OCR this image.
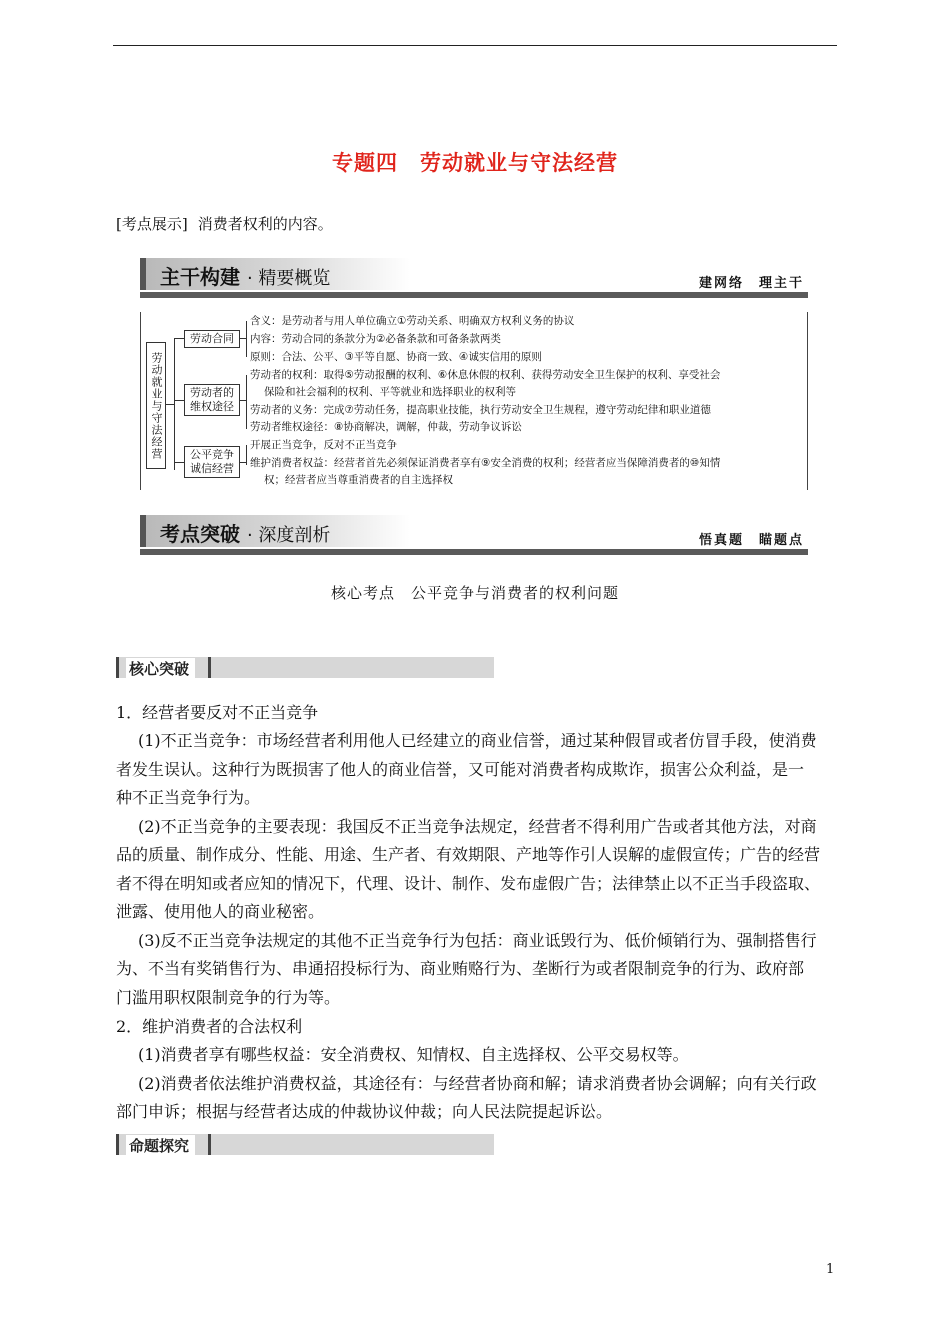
专题四　劳动就业与守法经营
[考点展示] 消费者权利的内容。
主干构建 · 精要概览	建网络　理主干
劳动就业与守法经营
劳动合同
劳动者的维权途径
公平竞争诚信经营
含义：是劳动者与用人单位确立①劳动关系、明确双方权利义务的协议
内容：劳动合同的条款分为②必备条款和可备条款两类
原则：合法、公平、③平等自愿、协商一致、④诚实信用的原则
劳动者的权利：取得⑤劳动报酬的权利、⑥休息休假的权利、获得劳动安全卫生保护的权利、享受社会
保险和社会福利的权利、平等就业和选择职业的权利等
劳动者的义务：完成⑦劳动任务，提高职业技能，执行劳动安全卫生规程，遵守劳动纪律和职业道德
劳动者维权途径：⑧协商解决，调解，仲裁，劳动争议诉讼
开展正当竞争，反对不正当竞争
维护消费者权益：经营者首先必须保证消费者享有⑨安全消费的权利；经营者应当保障消费者的⑩知情
权；经营者应当尊重消费者的自主选择权
考点突破 · 深度剖析	悟真题　瞄题点
核心考点　公平竞争与消费者的权利问题
核心突破
1．经营者要反对不正当竞争
(1)不正当竞争：市场经营者利用他人已经建立的商业信誉，通过某种假冒或者仿冒手段，使消费
者发生误认。这种行为既损害了他人的商业信誉，又可能对消费者构成欺诈，损害公众利益，是一
种不正当竞争行为。
(2)不正当竞争的主要表现：我国反不正当竞争法规定，经营者不得利用广告或者其他方法，对商
品的质量、制作成分、性能、用途、生产者、有效期限、产地等作引人误解的虚假宣传；广告的经营
者不得在明知或者应知的情况下，代理、设计、制作、发布虚假广告；法律禁止以不正当手段盗取、
泄露、使用他人的商业秘密。
(3)反不正当竞争法规定的其他不正当竞争行为包括：商业诋毁行为、低价倾销行为、强制搭售行
为、不当有奖销售行为、串通招投标行为、商业贿赂行为、垄断行为或者限制竞争的行为、政府部
门滥用职权限制竞争的行为等。
2．维护消费者的合法权利
(1)消费者享有哪些权益：安全消费权、知情权、自主选择权、公平交易权等。
(2)消费者依法维护消费权益，其途径有：与经营者协商和解；请求消费者协会调解；向有关行政
部门申诉；根据与经营者达成的仲裁协议仲裁；向人民法院提起诉讼。
命题探究
1
